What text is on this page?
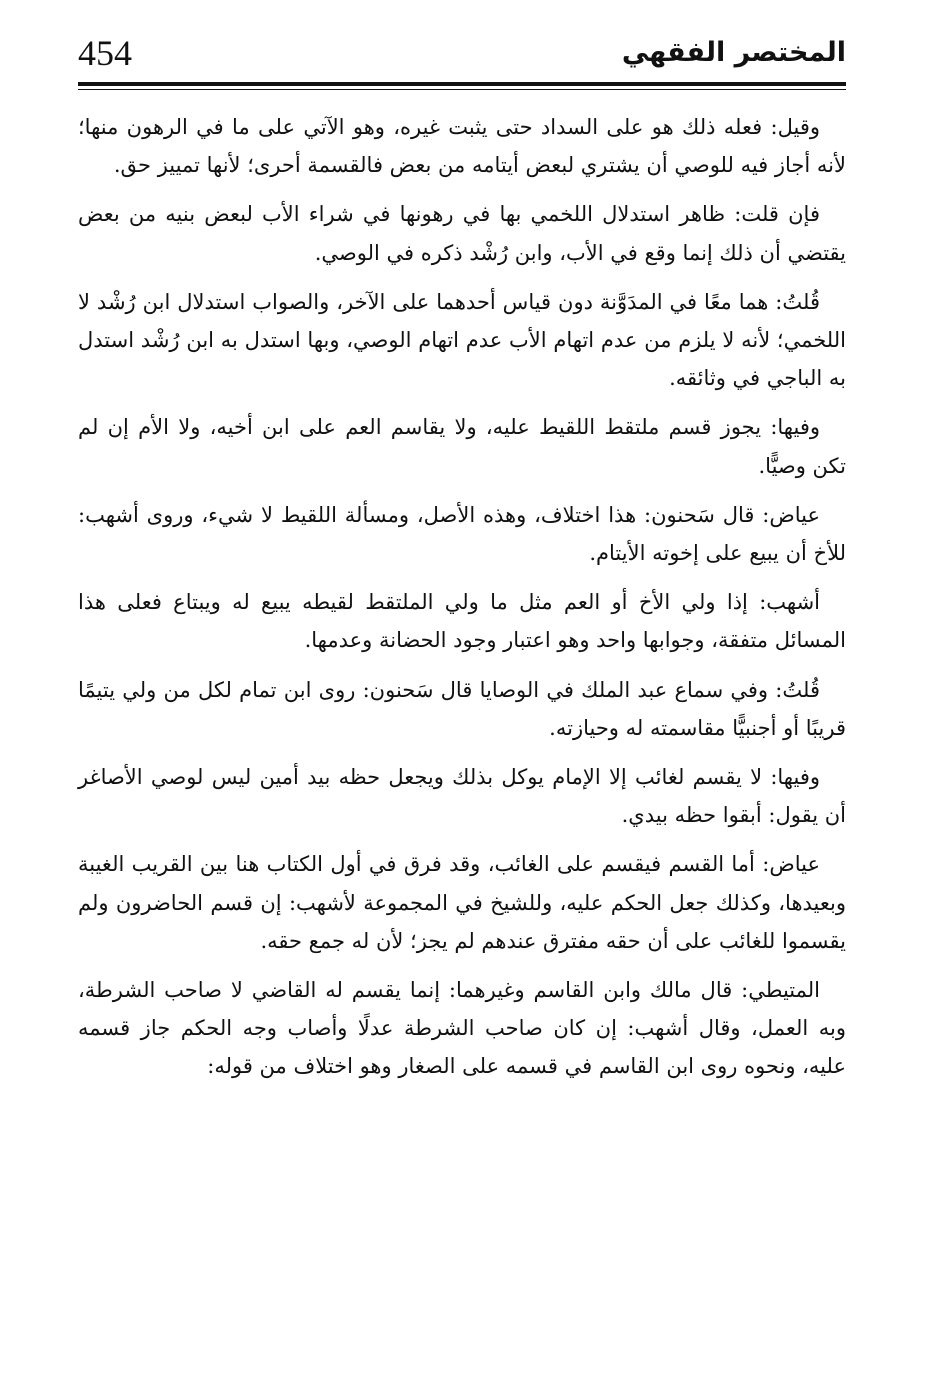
454	المختصر الفقهي

وقيل: فعله ذلك هو على السداد حتى يثبت غيره، وهو الآتي على ما في الرهون منها؛ لأنه أجاز فيه للوصي أن يشتري لبعض أيتامه من بعض فالقسمة أحرى؛ لأنها تمييز حق.

فإن قلت: ظاهر استدلال اللخمي بها في رهونها في شراء الأب لبعض بنيه من بعض يقتضي أن ذلك إنما وقع في الأب، وابن رُشْد ذكره في الوصي.

قُلتُ: هما معًا في المدَوَّنة دون قياس أحدهما على الآخر، والصواب استدلال ابن رُشْد لا اللخمي؛ لأنه لا يلزم من عدم اتهام الأب عدم اتهام الوصي، وبها استدل به ابن رُشْد استدل به الباجي في وثائقه.

وفيها: يجوز قسم ملتقط اللقيط عليه، ولا يقاسم العم على ابن أخيه، ولا الأم إن لم تكن وصيًّا.

عياض: قال سَحنون: هذا اختلاف، وهذه الأصل، ومسألة اللقيط لا شيء، وروى أشهب: للأخ أن يبيع على إخوته الأيتام.

أشهب: إذا ولي الأخ أو العم مثل ما ولي الملتقط لقيطه يبيع له ويبتاع فعلى هذا المسائل متفقة، وجوابها واحد وهو اعتبار وجود الحضانة وعدمها.

قُلتُ: وفي سماع عبد الملك في الوصايا قال سَحنون: روى ابن تمام لكل من ولي يتيمًا قريبًا أو أجنبيًّا مقاسمته له وحيازته.

وفيها: لا يقسم لغائب إلا الإمام يوكل بذلك ويجعل حظه بيد أمين ليس لوصي الأصاغر أن يقول: أبقوا حظه بيدي.

عياض: أما القسم فيقسم على الغائب، وقد فرق في أول الكتاب هنا بين القريب الغيبة وبعيدها، وكذلك جعل الحكم عليه، وللشيخ في المجموعة لأشهب: إن قسم الحاضرون ولم يقسموا للغائب على أن حقه مفترق عندهم لم يجز؛ لأن له جمع حقه.

المتيطي: قال مالك وابن القاسم وغيرهما: إنما يقسم له القاضي لا صاحب الشرطة، وبه العمل، وقال أشهب: إن كان صاحب الشرطة عدلًا وأصاب وجه الحكم جاز قسمه عليه، ونحوه روى ابن القاسم في قسمه على الصغار وهو اختلاف من قوله:
